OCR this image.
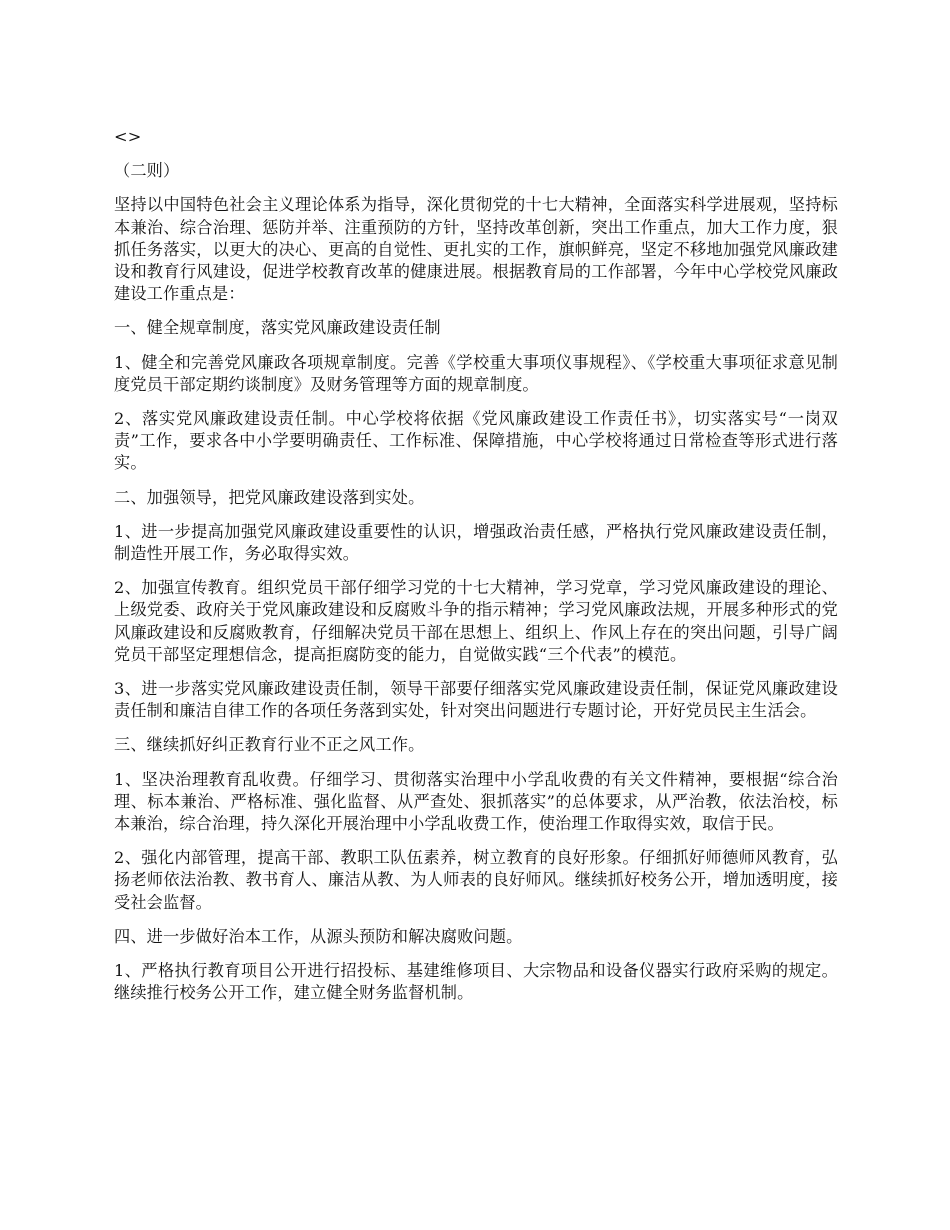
<>

（二则）

坚持以中国特色社会主义理论体系为指导，深化贯彻党的十七大精神，全面落实科学进展观，坚持标本兼治、综合治理、惩防并举、注重预防的方针，坚持改革创新，突出工作重点，加大工作力度，狠抓任务落实，以更大的决心、更高的自觉性、更扎实的工作，旗帜鲜亮，坚定不移地加强党风廉政建设和教育行风建设，促进学校教育改革的健康进展。根据教育局的工作部署，今年中心学校党风廉政建设工作重点是：

一、健全规章制度，落实党风廉政建设责任制

1、健全和完善党风廉政各项规章制度。完善《学校重大事项仪事规程》、《学校重大事项征求意见制度党员干部定期约谈制度》及财务管理等方面的规章制度。

2、落实党风廉政建设责任制。中心学校将依据《党风廉政建设工作责任书》，切实落实号“一岗双责”工作，要求各中小学要明确责任、工作标准、保障措施，中心学校将通过日常检查等形式进行落实。

二、加强领导，把党风廉政建设落到实处。

1、进一步提高加强党风廉政建设重要性的认识，增强政治责任感，严格执行党风廉政建设责任制，制造性开展工作，务必取得实效。

2、加强宣传教育。组织党员干部仔细学习党的十七大精神，学习党章，学习党风廉政建设的理论、上级党委、政府关于党风廉政建设和反腐败斗争的指示精神；学习党风廉政法规，开展多种形式的党风廉政建设和反腐败教育，仔细解决党员干部在思想上、组织上、作风上存在的突出问题，引导广阔党员干部坚定理想信念，提高拒腐防变的能力，自觉做实践“三个代表”的模范。

3、进一步落实党风廉政建设责任制，领导干部要仔细落实党风廉政建设责任制，保证党风廉政建设责任制和廉洁自律工作的各项任务落到实处，针对突出问题进行专题讨论，开好党员民主生活会。

三、继续抓好纠正教育行业不正之风工作。

1、坚决治理教育乱收费。仔细学习、贯彻落实治理中小学乱收费的有关文件精神，要根据“综合治理、标本兼治、严格标准、强化监督、从严查处、狠抓落实”的总体要求，从严治教，依法治校，标本兼治，综合治理，持久深化开展治理中小学乱收费工作，使治理工作取得实效，取信于民。

2、强化内部管理，提高干部、教职工队伍素养，树立教育的良好形象。仔细抓好师德师风教育，弘扬老师依法治教、教书育人、廉洁从教、为人师表的良好师风。继续抓好校务公开，增加透明度，接受社会监督。

四、进一步做好治本工作，从源头预防和解决腐败问题。

1、严格执行教育项目公开进行招投标、基建维修项目、大宗物品和设备仪器实行政府采购的规定。继续推行校务公开工作，建立健全财务监督机制。
